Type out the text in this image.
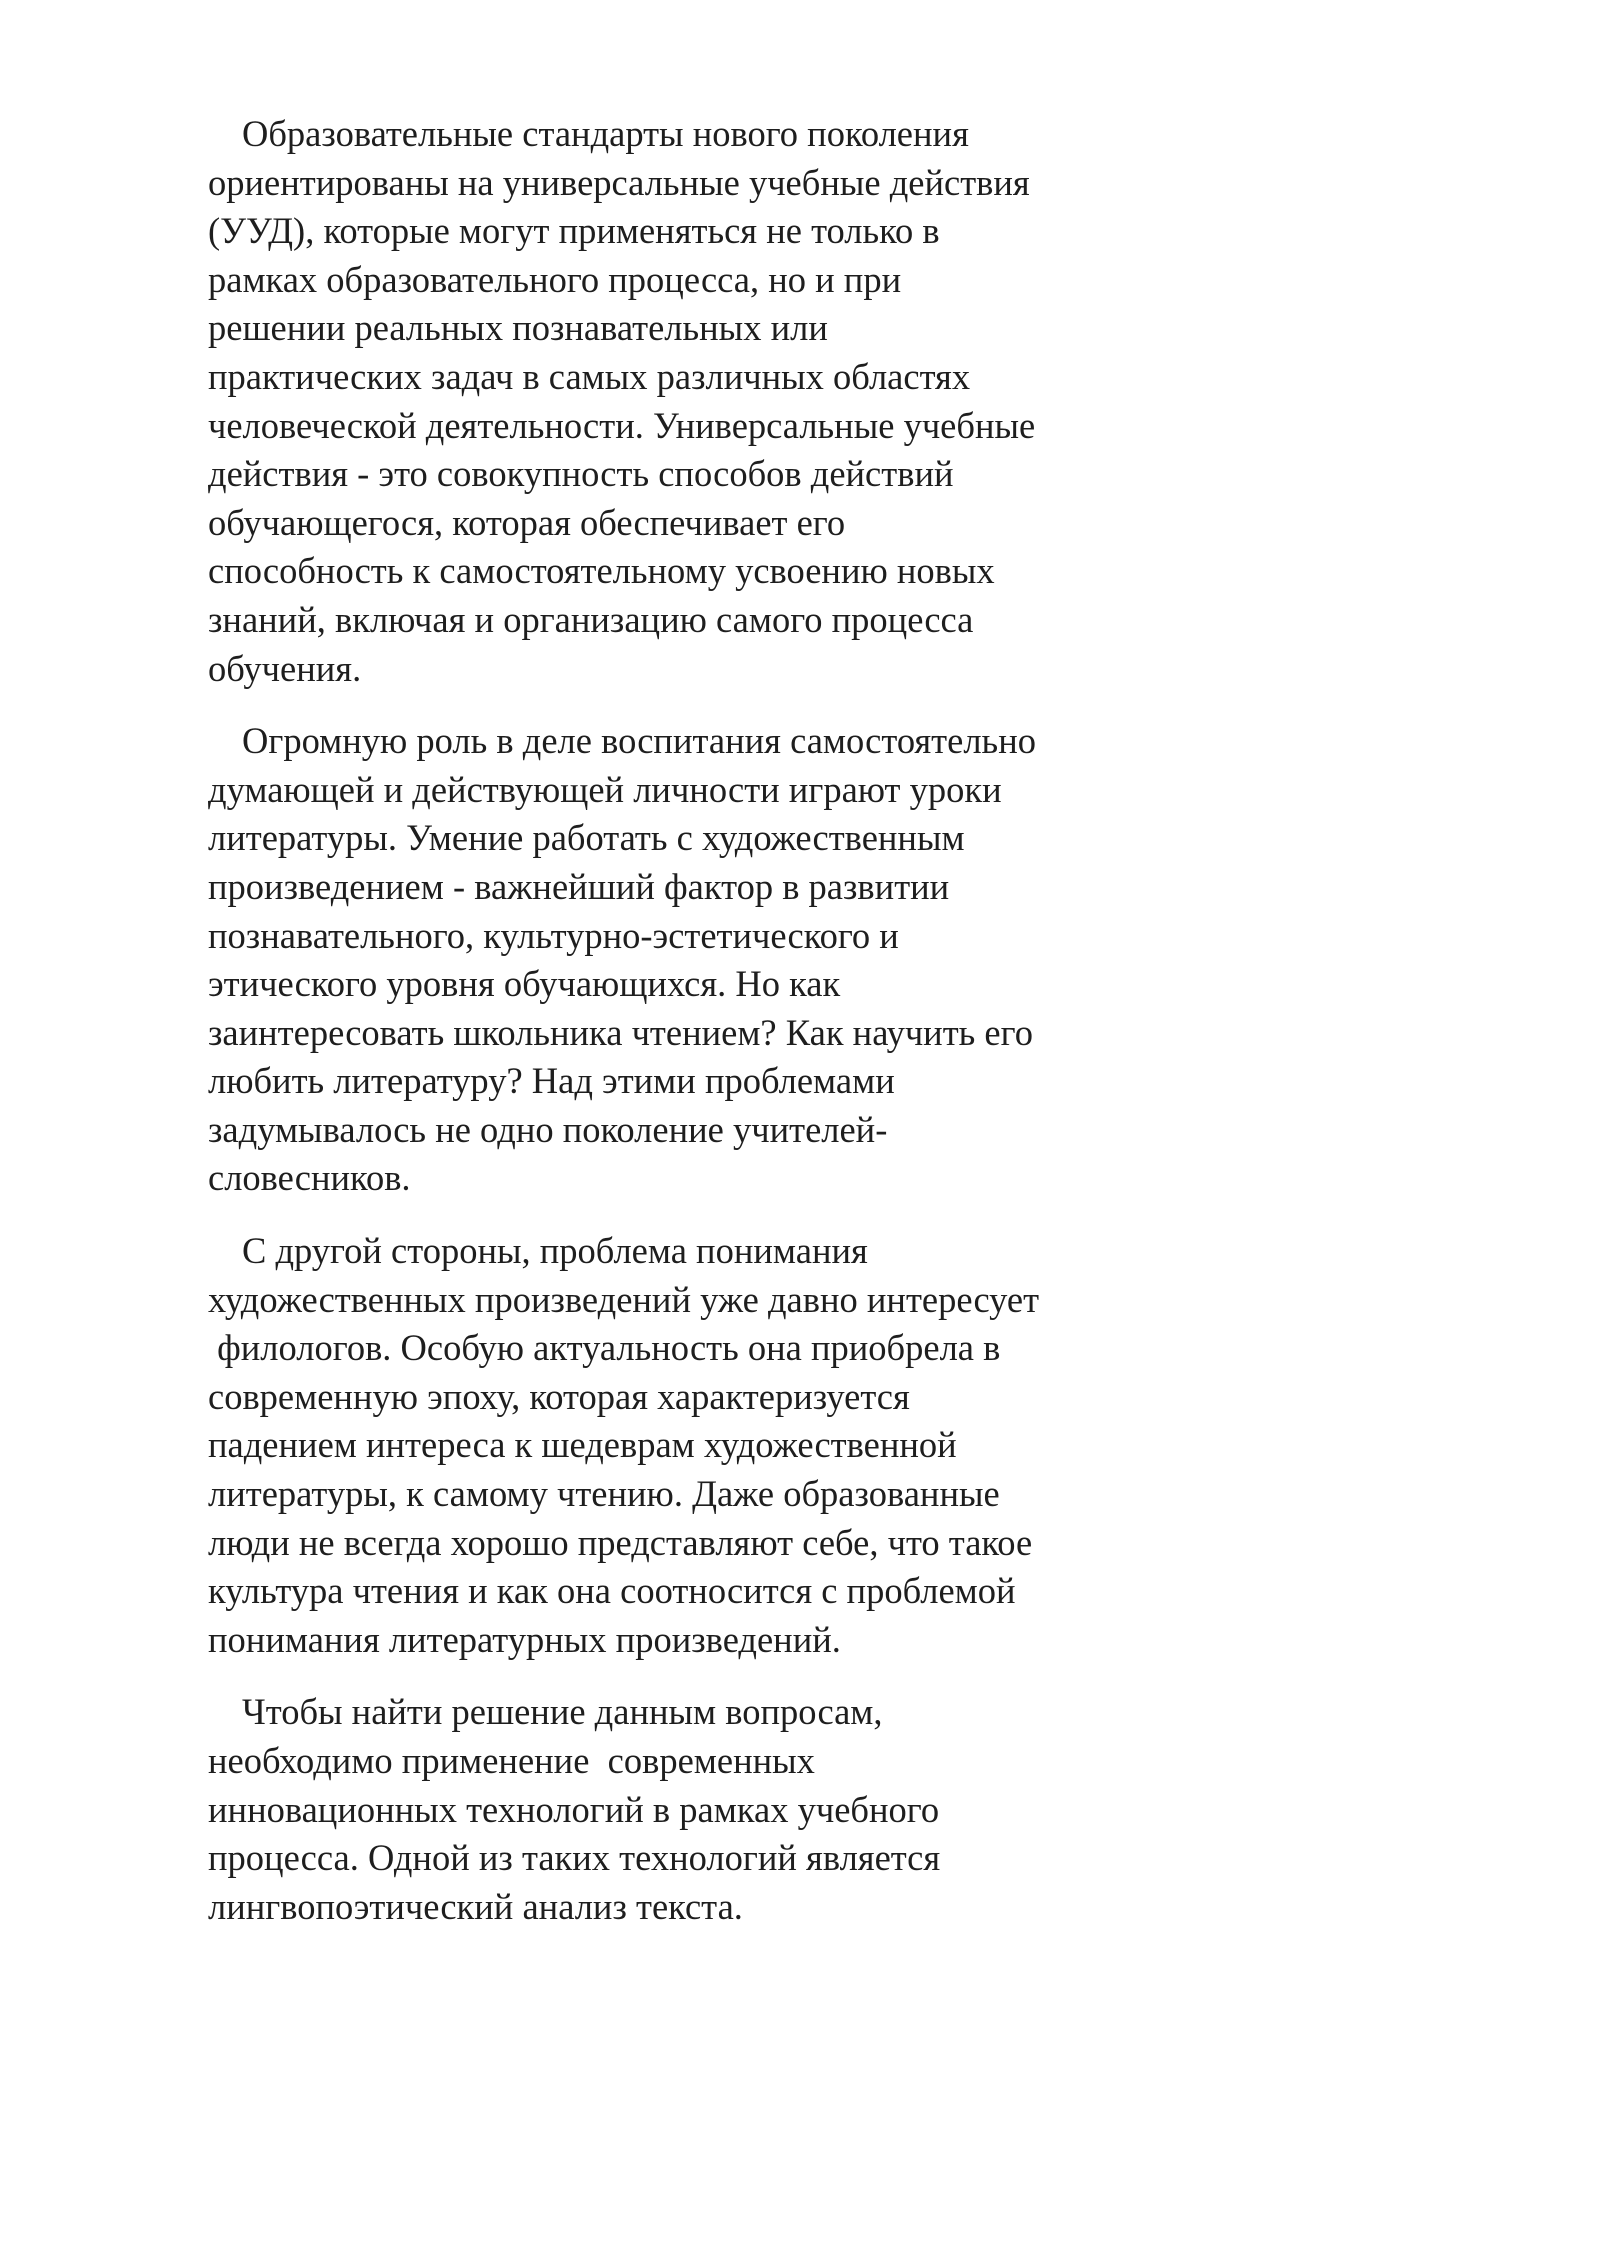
Образовательные стандарты нового поколения
ориентированы на универсальные учебные действия
(УУД), которые могут применяться не только в
рамках образовательного процесса, но и при
решении реальных познавательных или
практических задач в самых различных областях
человеческой деятельности. Универсальные учебные
действия - это совокупность способов действий
обучающегося, которая обеспечивает его
способность к самостоятельному усвоению новых
знаний, включая и организацию самого процесса
обучения.

Огромную роль в деле воспитания самостоятельно
думающей и действующей личности играют уроки
литературы. Умение работать с художественным
произведением - важнейший фактор в развитии
познавательного, культурно-эстетического и
этического уровня обучающихся. Но как
заинтересовать школьника чтением? Как научить его
любить литературу? Над этими проблемами
задумывалось не одно поколение учителей-
словесников.

С другой стороны, проблема понимания
художественных произведений уже давно интересует
филологов. Особую актуальность она приобрела в
современную эпоху, которая характеризуется
падением интереса к шедеврам художественной
литературы, к самому чтению. Даже образованные
люди не всегда хорошо представляют себе, что такое
культура чтения и как она соотносится с проблемой
понимания литературных произведений.

Чтобы найти решение данным вопросам,
необходимо применение  современных
инновационных технологий в рамках учебного
процесса. Одной из таких технологий является
лингвопоэтический анализ текста.
